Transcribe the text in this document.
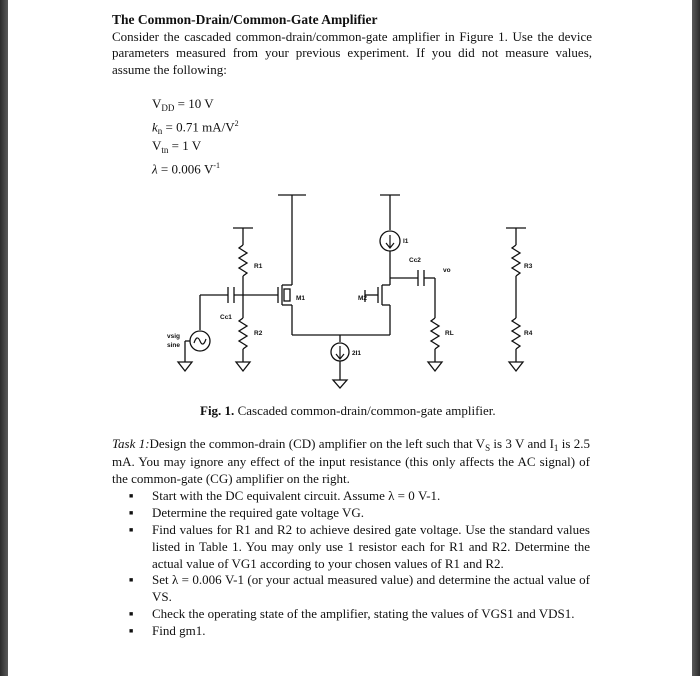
The Common-Drain/Common-Gate Amplifier

Consider the cascaded common-drain/common-gate amplifier in Figure 1. Use the device parameters measured from your previous experiment. If you did not measure values, assume the following:

$V_{DD} = 10$ V
$k_n = 0.71$ $mA/V^2$
$V_{tn} = 1$ V
λ = 0.006 $V^{-1}$
R1
R2
R3
R4
RL
Cc1
Cc2
M1	M2
I1
2I1
vo
vsig
sine
Fig. 1. Cascaded common-drain/common-gate amplifier.

Task 1:Design the common-drain (CD) amplifier on the left such that $V_S$ is 3 V and $I_1$ is 2.5 mA. You may ignore any effect of the input resistance (this only affects the AC signal) of the common-gate (CG) amplifier on the right.

■ Start with the DC equivalent circuit. Assume λ = 0 V-1.
■ Determine the required gate voltage VG.
■ Find values for R1 and R2 to achieve desired gate voltage. Use the standard values listed in Table 1. You may only use 1 resistor each for R1 and R2. Determine the actual value of VG1 according to your chosen values of R1 and R2.
■ Set λ = 0.006 V-1 (or your actual measured value) and determine the actual value of VS.
■ Check the operating state of the amplifier, stating the values of VGS1 and VDS1.
■ Find gm1.
